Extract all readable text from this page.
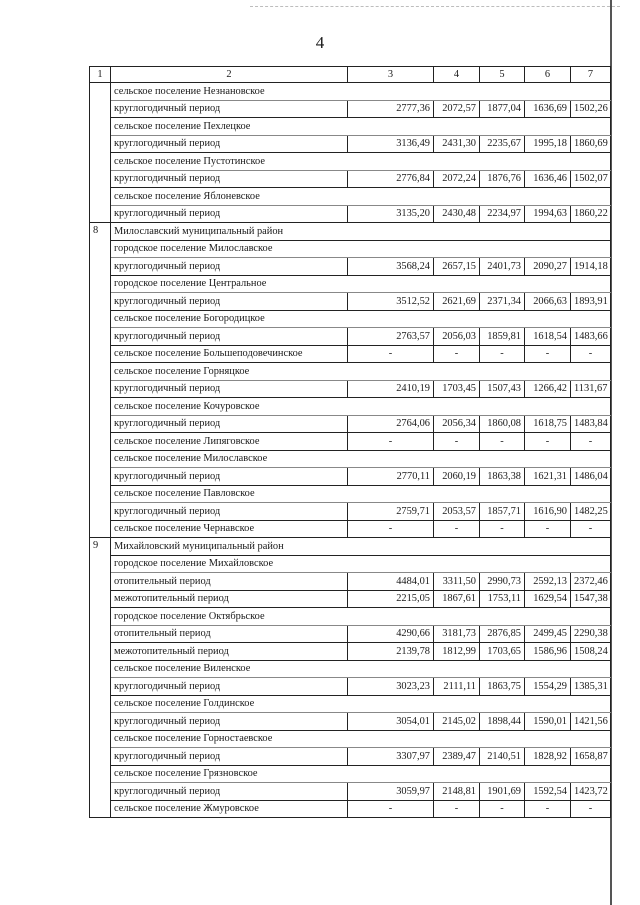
4
1	2	3	4	5	6	7
	сельское поселение Незнановское					
	круглогодичный период	2777,36	2072,57	1877,04	1636,69	1502,26
	сельское поселение Пехлецкое					
	круглогодичный период	3136,49	2431,30	2235,67	1995,18	1860,69
	сельское поселение Пустотинское					
	круглогодичный период	2776,84	2072,24	1876,76	1636,46	1502,07
	сельское поселение Яблоневское					
	круглогодичный период	3135,20	2430,48	2234,97	1994,63	1860,22
8	Милославский муниципальный район					
	городское поселение Милославское					
	круглогодичный период	3568,24	2657,15	2401,73	2090,27	1914,18
	городское поселение Центральное					
	круглогодичный период	3512,52	2621,69	2371,34	2066,63	1893,91
	сельское поселение Богородицкое					
	круглогодичный период	2763,57	2056,03	1859,81	1618,54	1483,66
	сельское поселение Большеподовечинское	-	-	-	-	-
	сельское поселение Горняцкое					
	круглогодичный период	2410,19	1703,45	1507,43	1266,42	1131,67
	сельское поселение Кочуровское					
	круглогодичный период	2764,06	2056,34	1860,08	1618,75	1483,84
	сельское поселение Липяговское	-	-	-	-	-
	сельское поселение Милославское					
	круглогодичный период	2770,11	2060,19	1863,38	1621,31	1486,04
	сельское поселение Павловское					
	круглогодичный период	2759,71	2053,57	1857,71	1616,90	1482,25
	сельское поселение Чернавское	-	-	-	-	-
9	Михайловский муниципальный район					
	городское поселение Михайловское					
	отопительный период	4484,01	3311,50	2990,73	2592,13	2372,46
	межотопительный период	2215,05	1867,61	1753,11	1629,54	1547,38
	городское поселение Октябрьское					
	отопительный период	4290,66	3181,73	2876,85	2499,45	2290,38
	межотопительный период	2139,78	1812,99	1703,65	1586,96	1508,24
	сельское поселение Виленское					
	круглогодичный период	3023,23	2111,11	1863,75	1554,29	1385,31
	сельское поселение Голдинское					
	круглогодичный период	3054,01	2145,02	1898,44	1590,01	1421,56
	сельское поселение Горностаевское					
	круглогодичный период	3307,97	2389,47	2140,51	1828,92	1658,87
	сельское поселение Грязновское					
	круглогодичный период	3059,97	2148,81	1901,69	1592,54	1423,72
	сельское поселение Жмуровское	-	-	-	-	-
